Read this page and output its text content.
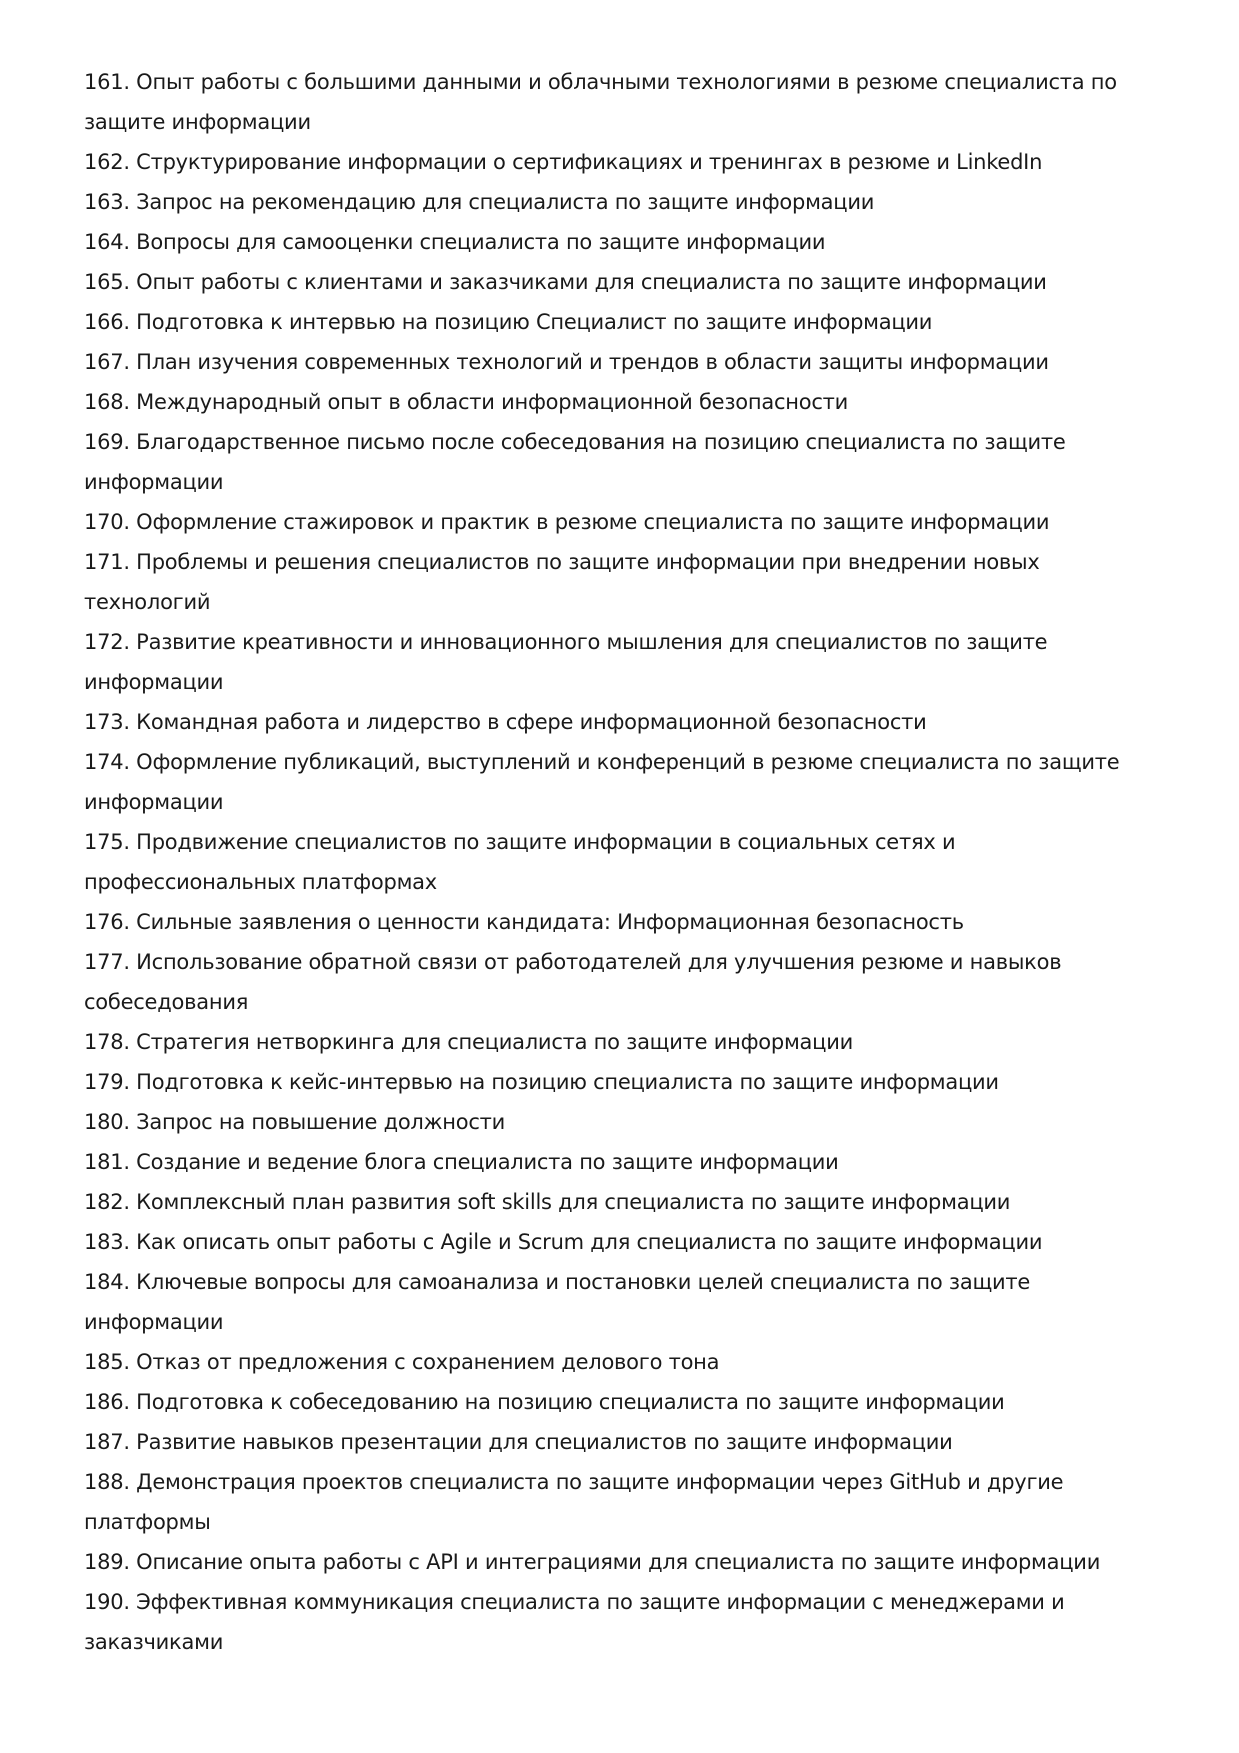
161. Опыт работы с большими данными и облачными технологиями в резюме специалиста по защите информации
162. Структурирование информации о сертификациях и тренингах в резюме и LinkedIn
163. Запрос на рекомендацию для специалиста по защите информации
164. Вопросы для самооценки специалиста по защите информации
165. Опыт работы с клиентами и заказчиками для специалиста по защите информации
166. Подготовка к интервью на позицию Специалист по защите информации
167. План изучения современных технологий и трендов в области защиты информации
168. Международный опыт в области информационной безопасности
169. Благодарственное письмо после собеседования на позицию специалиста по защите информации
170. Оформление стажировок и практик в резюме специалиста по защите информации
171. Проблемы и решения специалистов по защите информации при внедрении новых технологий
172. Развитие креативности и инновационного мышления для специалистов по защите информации
173. Командная работа и лидерство в сфере информационной безопасности
174. Оформление публикаций, выступлений и конференций в резюме специалиста по защите информации
175. Продвижение специалистов по защите информации в социальных сетях и профессиональных платформах
176. Сильные заявления о ценности кандидата: Информационная безопасность
177. Использование обратной связи от работодателей для улучшения резюме и навыков собеседования
178. Стратегия нетворкинга для специалиста по защите информации
179. Подготовка к кейс-интервью на позицию специалиста по защите информации
180. Запрос на повышение должности
181. Создание и ведение блога специалиста по защите информации
182. Комплексный план развития soft skills для специалиста по защите информации
183. Как описать опыт работы с Agile и Scrum для специалиста по защите информации
184. Ключевые вопросы для самоанализа и постановки целей специалиста по защите информации
185. Отказ от предложения с сохранением делового тона
186. Подготовка к собеседованию на позицию специалиста по защите информации
187. Развитие навыков презентации для специалистов по защите информации
188. Демонстрация проектов специалиста по защите информации через GitHub и другие платформы
189. Описание опыта работы с API и интеграциями для специалиста по защите информации
190. Эффективная коммуникация специалиста по защите информации с менеджерами и заказчиками
